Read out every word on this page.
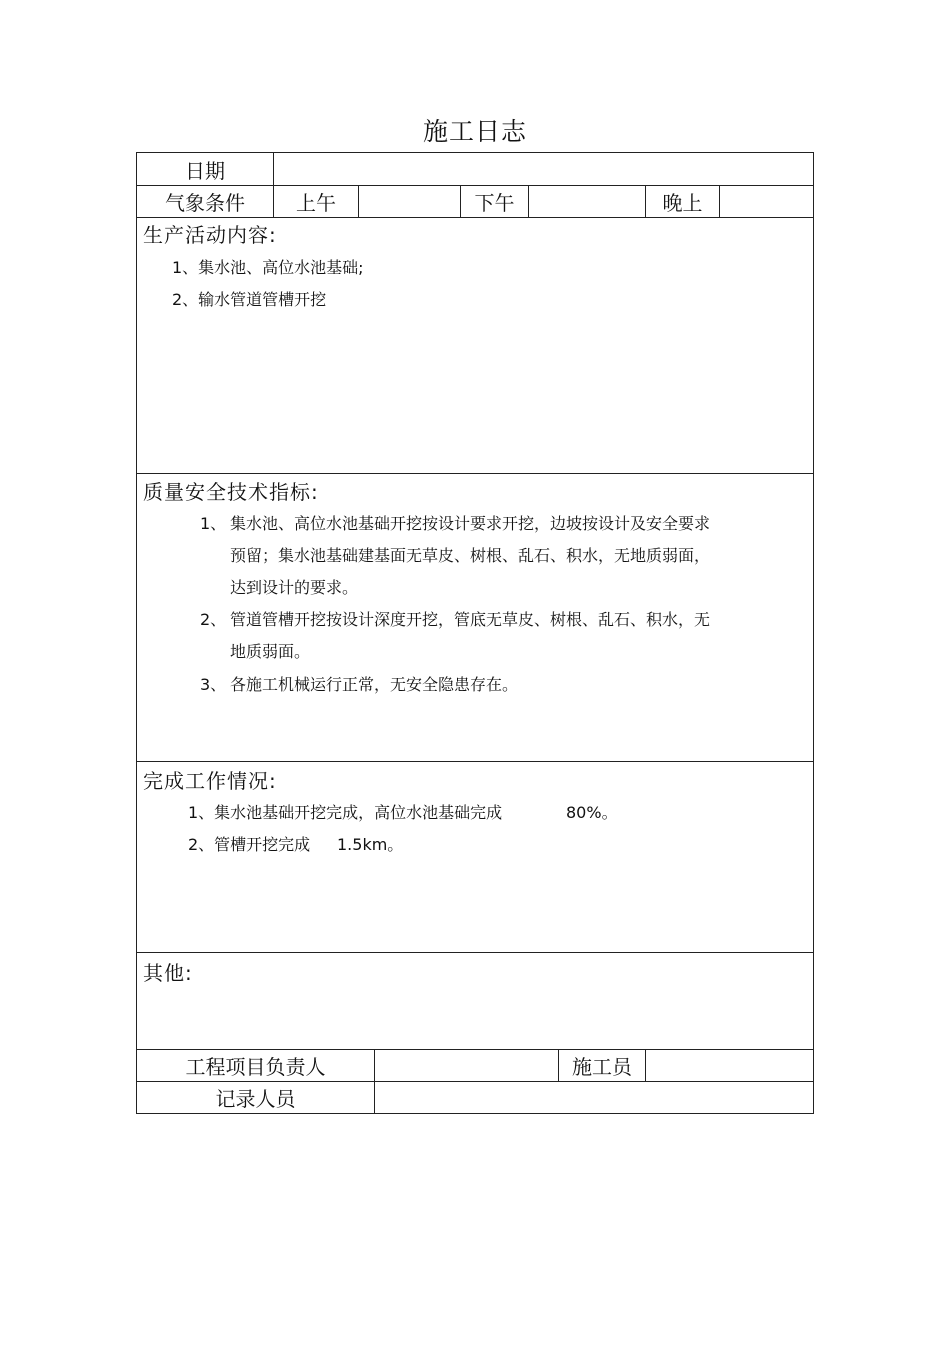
施工日志
日期
气象条件	上午	下午	晚上
生产活动内容:
1、集水池、高位水池基础;
2、输水管道管槽开挖
质量安全技术指标:
1、 集水池、高位水池基础开挖按设计要求开挖，边坡按设计及安全要求
预留；集水池基础建基面无草皮、树根、乱石、积水，无地质弱面，
达到设计的要求。
2、 管道管槽开挖按设计深度开挖，管底无草皮、树根、乱石、积水，无
地质弱面。
3、 各施工机械运行正常，无安全隐患存在。
完成工作情况:
1、集水池基础开挖完成，高位水池基础完成	80%。
2、管槽开挖完成 1.5km。
其他:
工程项目负责人	施工员
记录人员
